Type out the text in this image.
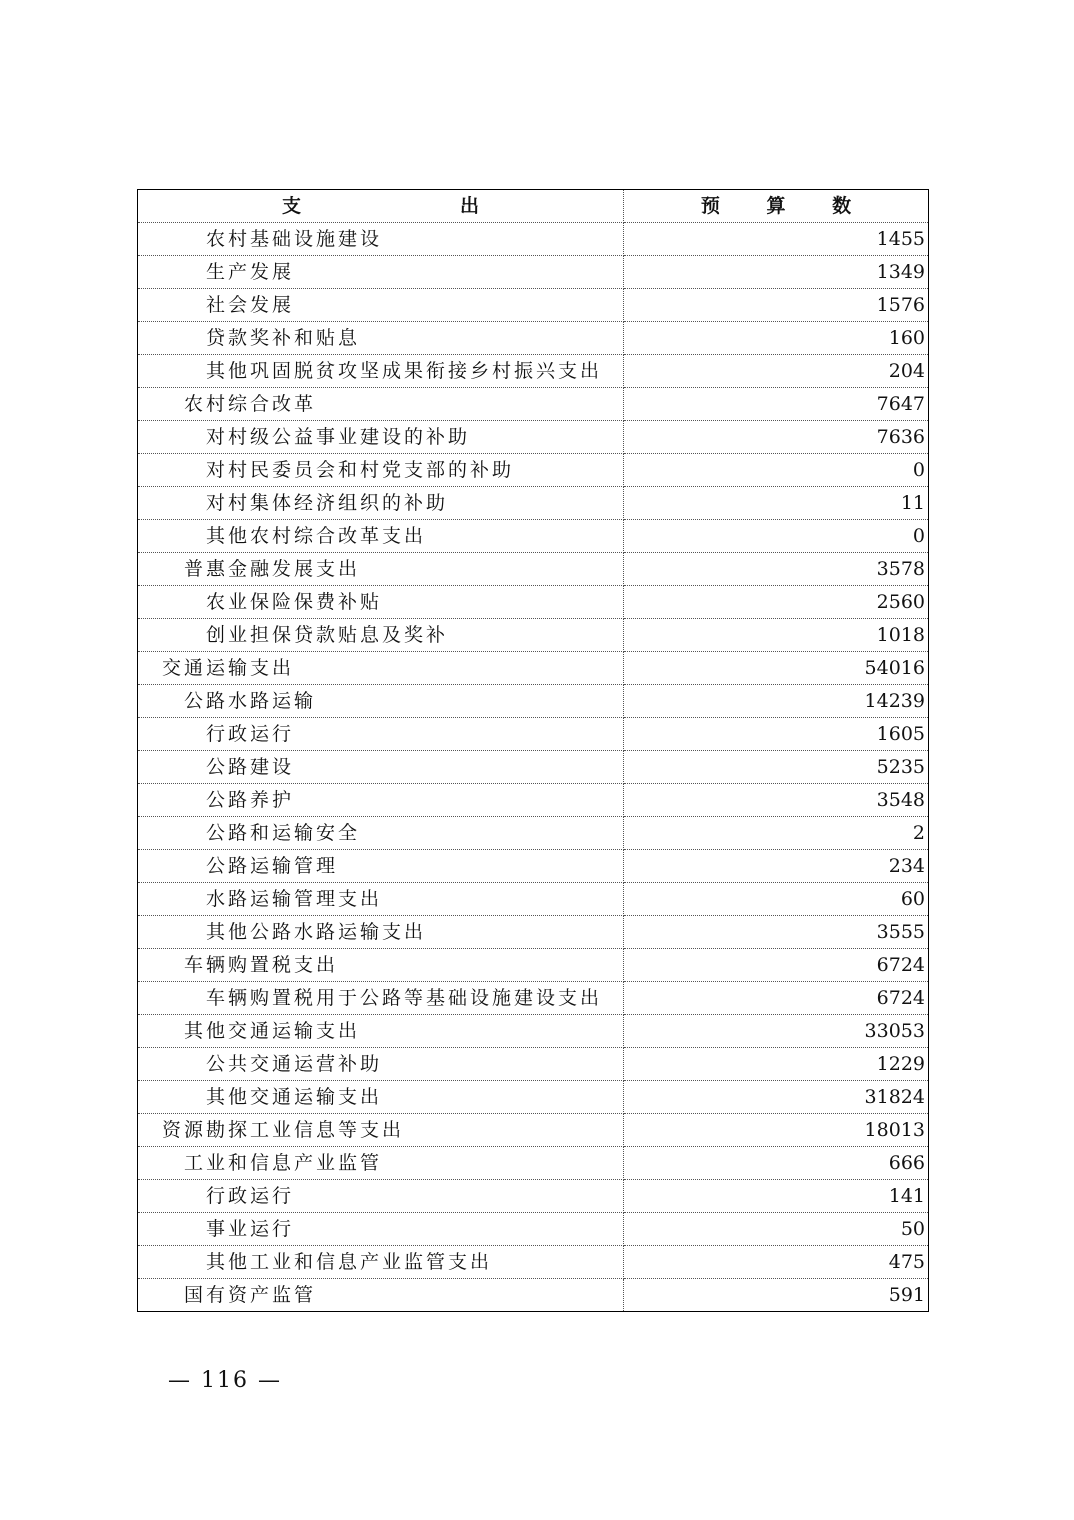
支　出	预 算 数
农村基础设施建设	1455
生产发展	1349
社会发展	1576
贷款奖补和贴息	160
其他巩固脱贫攻坚成果衔接乡村振兴支出	204
农村综合改革	7647
对村级公益事业建设的补助	7636
对村民委员会和村党支部的补助	0
对村集体经济组织的补助	11
其他农村综合改革支出	0
普惠金融发展支出	3578
农业保险保费补贴	2560
创业担保贷款贴息及奖补	1018
交通运输支出	54016
公路水路运输	14239
行政运行	1605
公路建设	5235
公路养护	3548
公路和运输安全	2
公路运输管理	234
水路运输管理支出	60
其他公路水路运输支出	3555
车辆购置税支出	6724
车辆购置税用于公路等基础设施建设支出	6724
其他交通运输支出	33053
公共交通运营补助	1229
其他交通运输支出	31824
资源勘探工业信息等支出	18013
工业和信息产业监管	666
行政运行	141
事业运行	50
其他工业和信息产业监管支出	475
国有资产监管	591
— 116 —
